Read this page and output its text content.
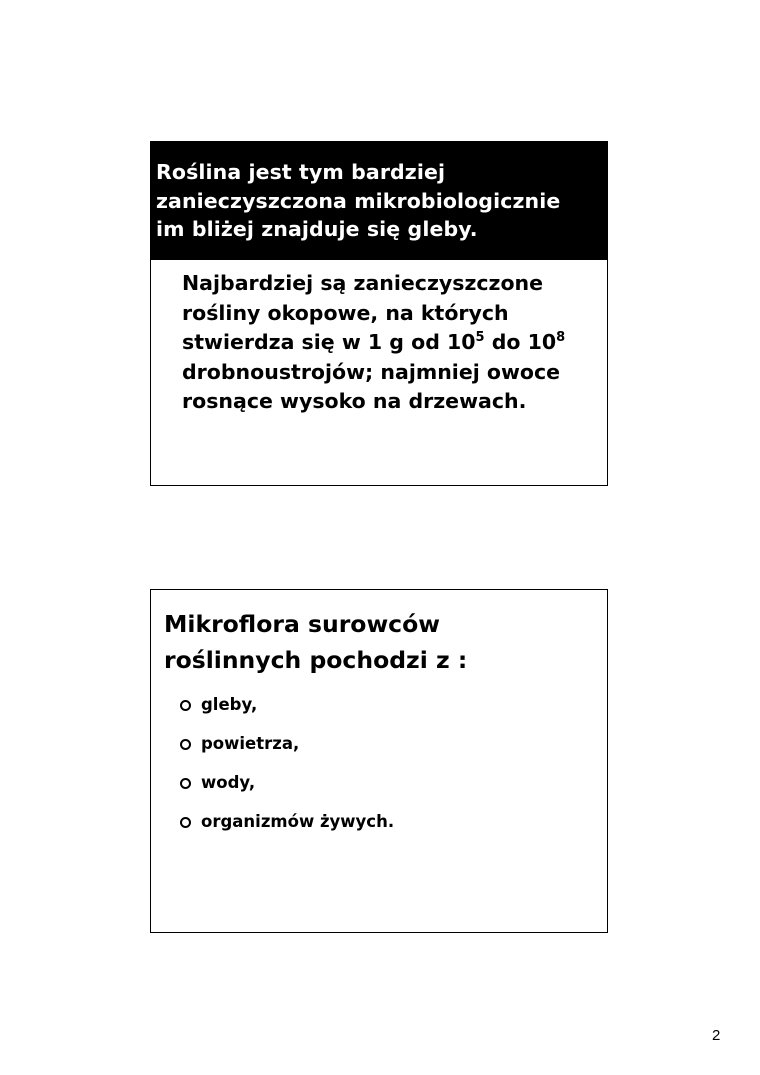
Roślina jest tym bardziej
zanieczyszczona mikrobiologicznie
im bliżej znajduje się gleby.
Najbardziej są zanieczyszczone
rośliny okopowe, na których
stwierdza się w 1 g od $10^5$ do $10^8$
drobnoustrojów; najmniej owoce
rosnące wysoko na drzewach.
Mikroflora surowców
roślinnych pochodzi z :
gleby,
powietrza,
wody,
organizmów żywych.
2
